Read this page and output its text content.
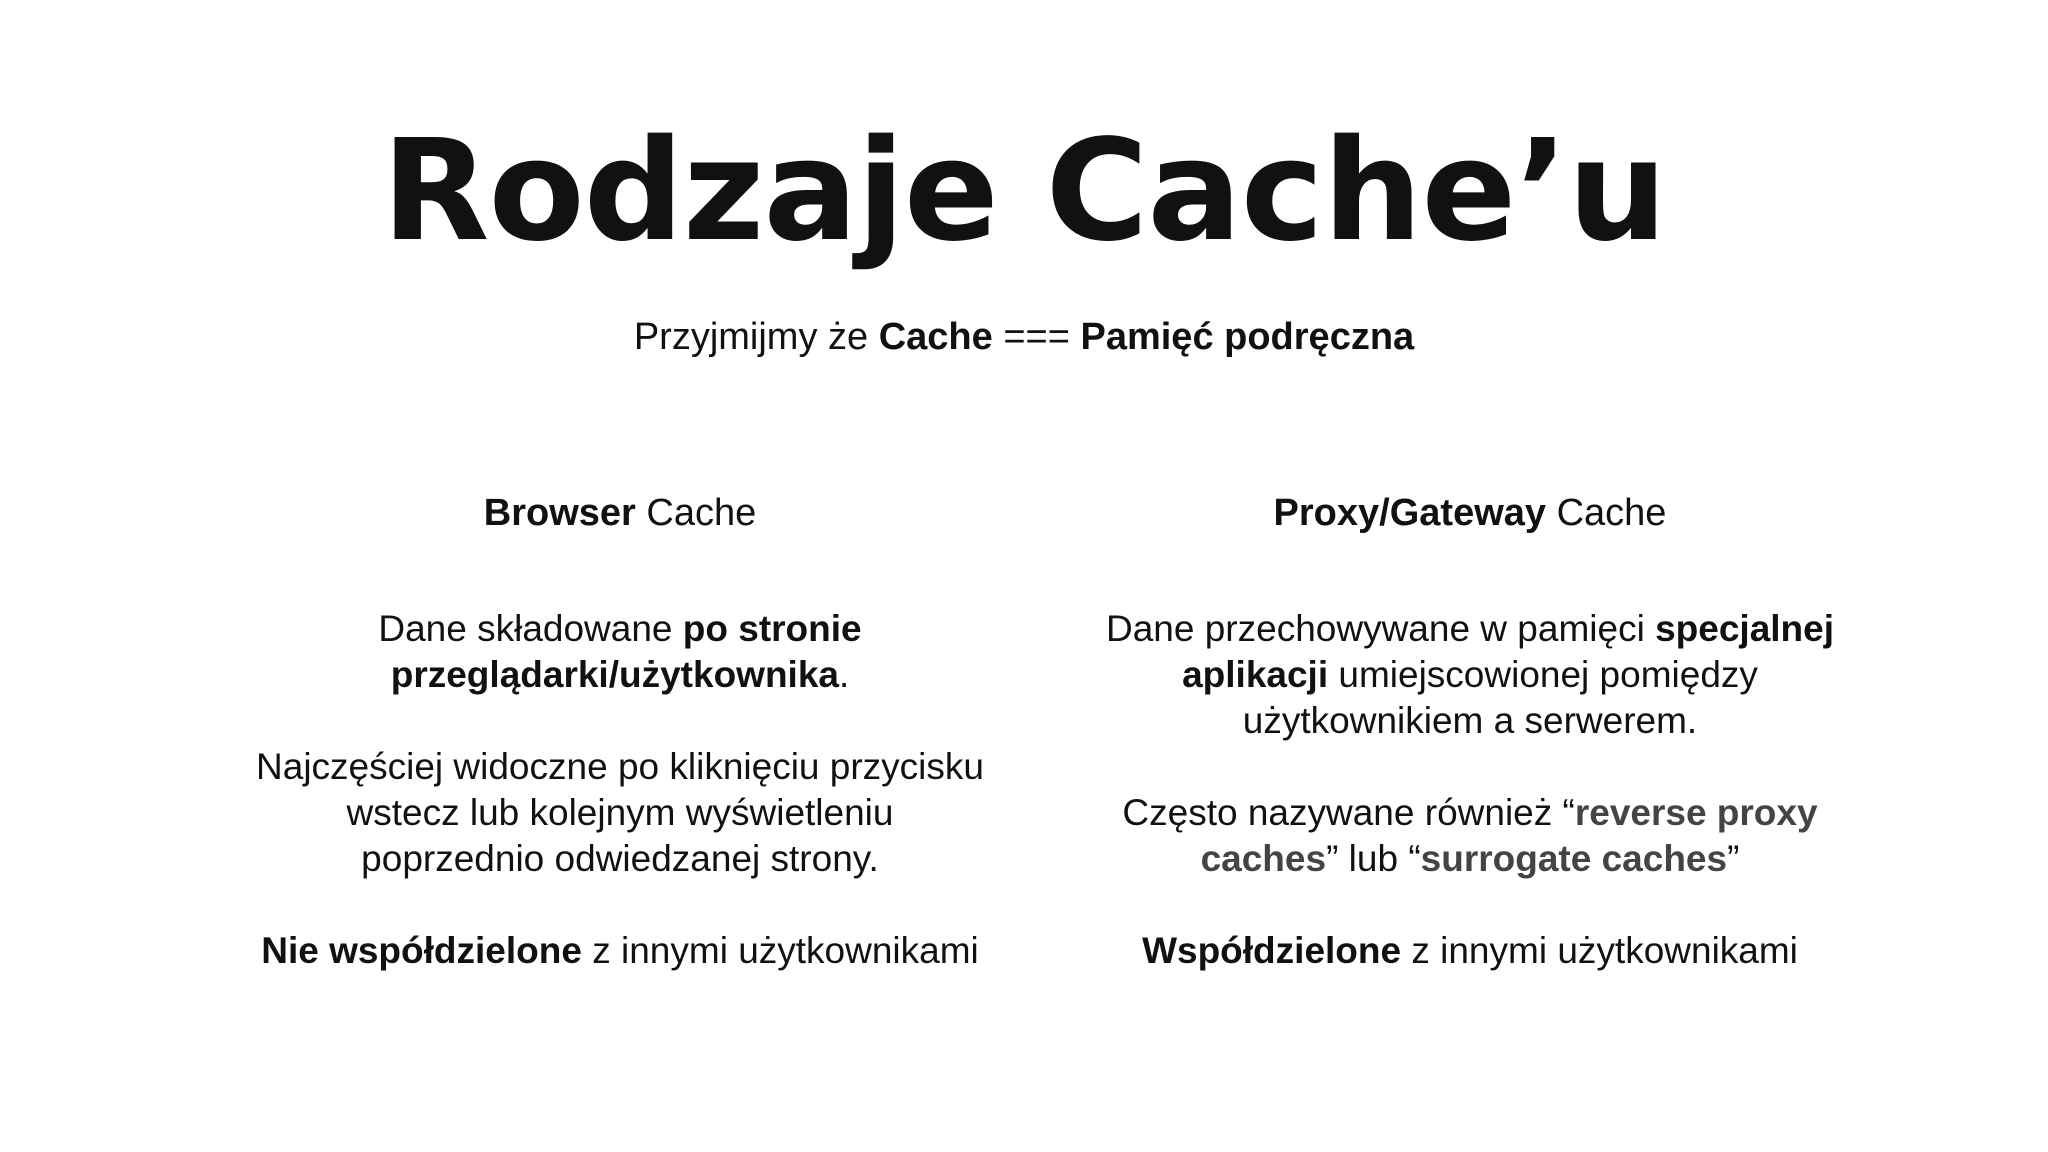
Rodzaje Cache’u
Przyjmijmy że Cache === Pamięć podręczna
Browser Cache
Dane składowane po stronie
przeglądarki/użytkownika.
Najczęściej widoczne po kliknięciu przycisku
wstecz lub kolejnym wyświetleniu
poprzednio odwiedzanej strony.
Nie współdzielone z innymi użytkownikami
Proxy/Gateway Cache
Dane przechowywane w pamięci specjalnej
aplikacji umiejscowionej pomiędzy
użytkownikiem a serwerem.
Często nazywane również “reverse proxy
caches” lub “surrogate caches”
Współdzielone z innymi użytkownikami
